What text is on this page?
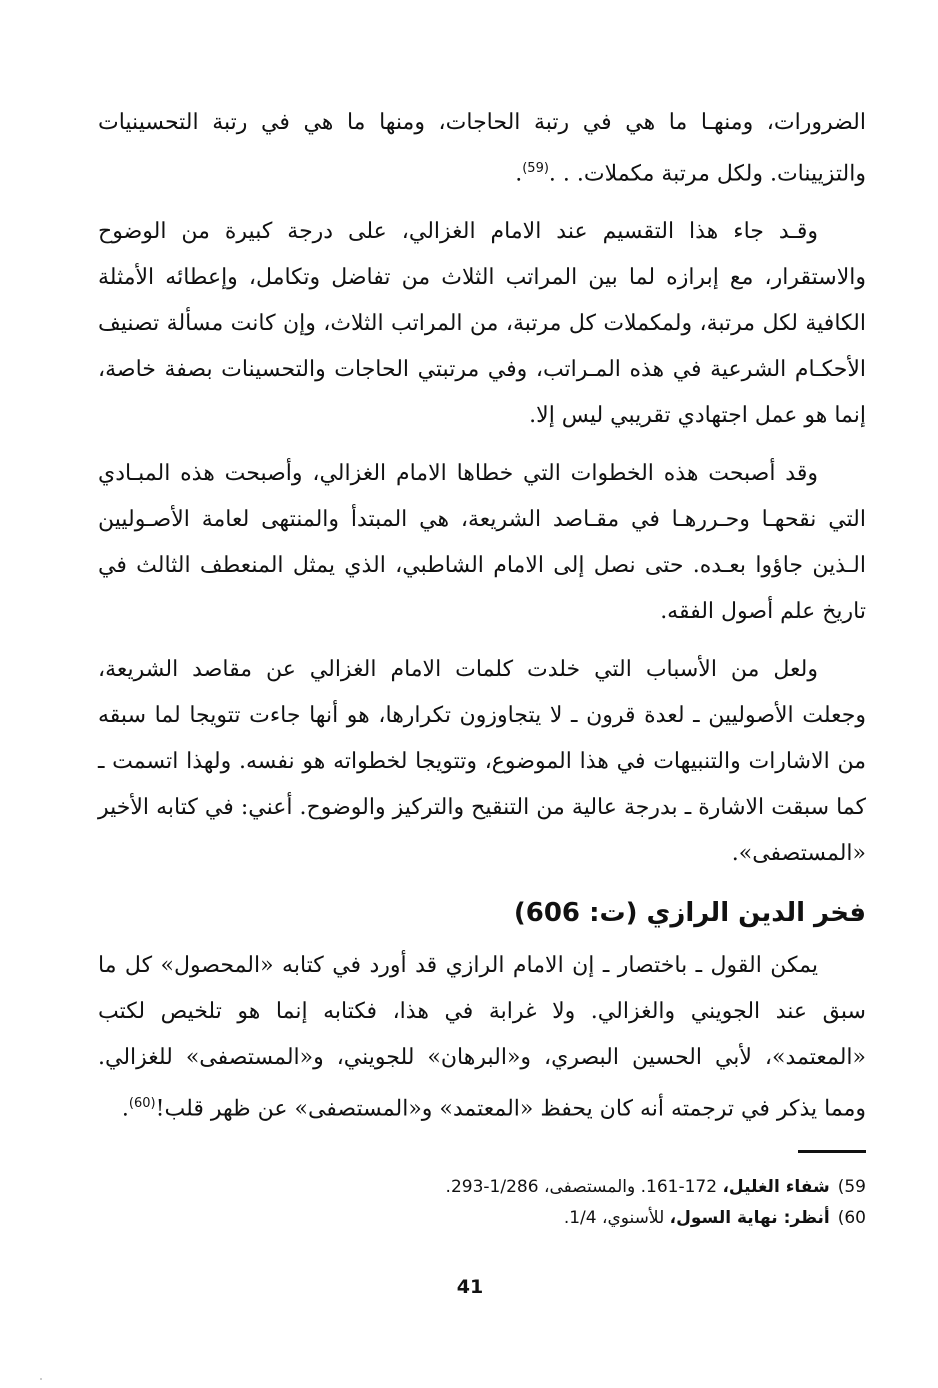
الضرورات، ومنهـا ما هي في رتبة الحاجات، ومنها ما هي في رتبة التحسينيات والتزيينات. ولكل مرتبة مكملات. . .$^{(59)}$.

وقـد جاء هذا التقسيم عند الامام الغزالي، على درجة كبيرة من الوضوح والاستقرار، مع إبرازه لما بين المراتب الثلاث من تفاضل وتكامل، وإعطائه الأمثلة الكافية لكل مرتبة، ولمكملات كل مرتبة، من المراتب الثلاث، وإن كانت مسألة تصنيف الأحكـام الشرعية في هذه المـراتب، وفي مرتبتي الحاجات والتحسينات بصفة خاصة، إنما هو عمل اجتهادي تقريبي ليس إلا.

وقد أصبحت هذه الخطوات التي خطاها الامام الغزالي، وأصبحت هذه المبـادي التي نقحهـا وحـررهـا في مقـاصد الشريعة، هي المبتدأ والمنتهى لعامة الأصـوليين الـذين جاؤوا بعـده. حتى نصل إلى الامام الشاطبي، الذي يمثل المنعطف الثالث في تاريخ علم أصول الفقه.

ولعل من الأسباب التي خلدت كلمات الامام الغزالي عن مقاصد الشريعة، وجعلت الأصوليين ـ لعدة قرون ـ لا يتجاوزون تكرارها، هو أنها جاءت تتويجا لما سبقه من الاشارات والتنبيهات في هذا الموضوع، وتتويجا لخطواته هو نفسه. ولهذا اتسمت ـ كما سبقت الاشارة ـ بدرجة عالية من التنقيح والتركيز والوضوح. أعني: في كتابه الأخير «المستصفى».

فخر الدين الرازي (ت: 606)

يمكن القول ـ باختصار ـ إن الامام الرازي قد أورد في كتابه «المحصول» كل ما سبق عند الجويني والغزالي. ولا غرابة في هذا، فكتابه إنما هو تلخيص لكتب «المعتمد»، لأبي الحسين البصري، و«البرهان» للجويني، و«المستصفى» للغزالي. ومما يذكر في ترجمته أنه كان يحفظ «المعتمد» و«المستصفى» عن ظهر قلب!$^{(60)}$.

59)شفاء الغليل، 172-161. والمستصفى، 1/286-293.

60)أنظر: نهاية السول، للأسنوي، 1/4.

41
